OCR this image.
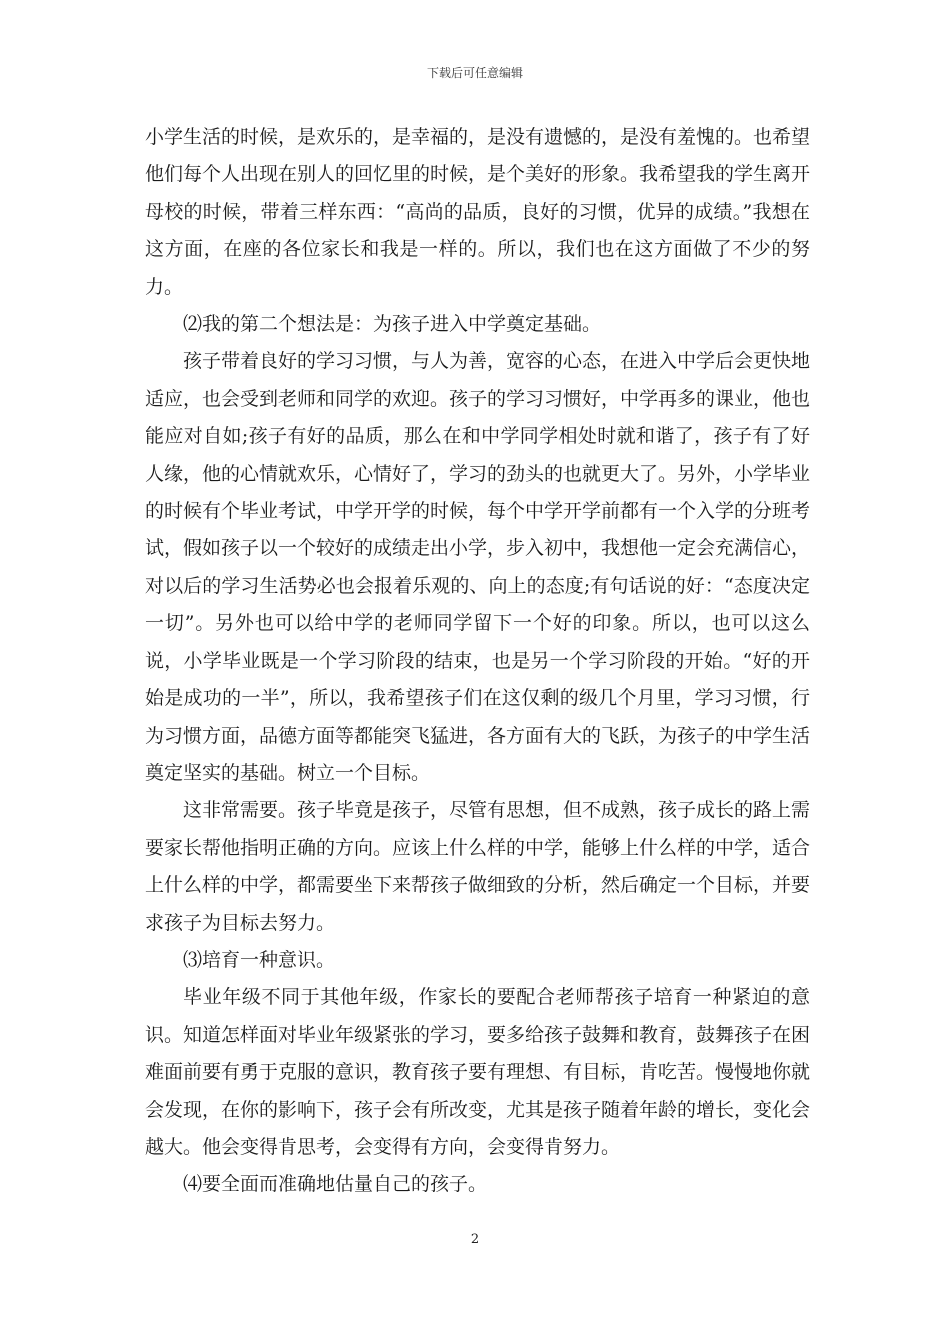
下载后可任意编辑

小学生活的时候，是欢乐的，是幸福的，是没有遗憾的，是没有羞愧的。也希望他们每个人出现在别人的回忆里的时候，是个美好的形象。我希望我的学生离开母校的时候，带着三样东西：“高尚的品质，良好的习惯，优异的成绩。”我想在这方面，在座的各位家长和我是一样的。所以，我们也在这方面做了不少的努力。

⑵我的第二个想法是：为孩子进入中学奠定基础。

孩子带着良好的学习习惯，与人为善，宽容的心态，在进入中学后会更快地适应，也会受到老师和同学的欢迎。孩子的学习习惯好，中学再多的课业，他也能应对自如;孩子有好的品质，那么在和中学同学相处时就和谐了，孩子有了好人缘，他的心情就欢乐，心情好了，学习的劲头的也就更大了。另外，小学毕业的时候有个毕业考试，中学开学的时候，每个中学开学前都有一个入学的分班考试，假如孩子以一个较好的成绩走出小学，步入初中，我想他一定会充满信心，对以后的学习生活势必也会报着乐观的、向上的态度;有句话说的好：“态度决定一切”。另外也可以给中学的老师同学留下一个好的印象。所以，也可以这么说，小学毕业既是一个学习阶段的结束，也是另一个学习阶段的开始。“好的开始是成功的一半”，所以，我希望孩子们在这仅剩的级几个月里，学习习惯，行为习惯方面，品德方面等都能突飞猛进，各方面有大的飞跃，为孩子的中学生活奠定坚实的基础。树立一个目标。

这非常需要。孩子毕竟是孩子，尽管有思想，但不成熟，孩子成长的路上需要家长帮他指明正确的方向。应该上什么样的中学，能够上什么样的中学，适合上什么样的中学，都需要坐下来帮孩子做细致的分析，然后确定一个目标，并要求孩子为目标去努力。

⑶培育一种意识。

毕业年级不同于其他年级，作家长的要配合老师帮孩子培育一种紧迫的意识。知道怎样面对毕业年级紧张的学习，要多给孩子鼓舞和教育，鼓舞孩子在困难面前要有勇于克服的意识，教育孩子要有理想、有目标，肯吃苦。慢慢地你就会发现，在你的影响下，孩子会有所改变，尤其是孩子随着年龄的增长，变化会越大。他会变得肯思考，会变得有方向，会变得肯努力。

⑷要全面而准确地估量自己的孩子。

2
